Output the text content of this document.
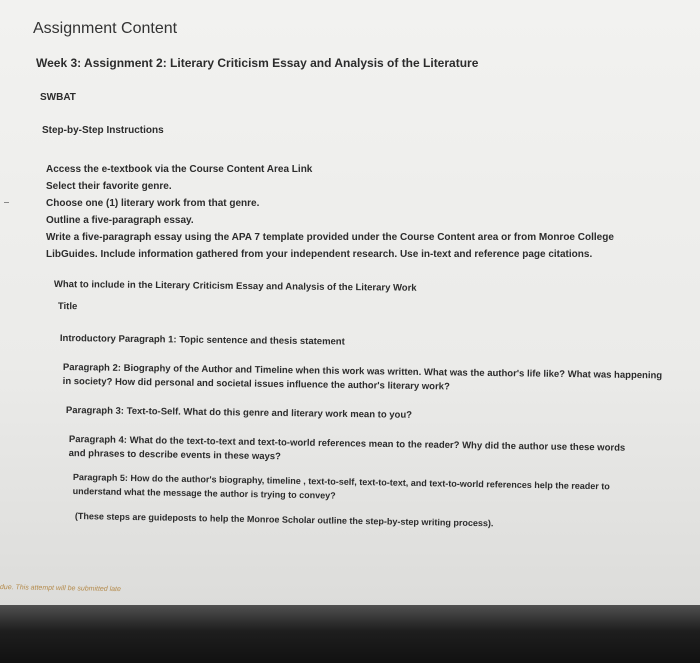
Assignment Content
Week 3: Assignment 2: Literary Criticism Essay and Analysis of the Literature
SWBAT
Step-by-Step Instructions
Access the e-textbook via the Course Content Area Link
Select their favorite genre.
Choose one (1) literary work from that genre.
Outline a five-paragraph essay.
Write a five-paragraph essay using the APA 7 template provided under the Course Content area or from Monroe College LibGuides. Include information gathered from your independent research. Use in-text and reference page citations.
What to include in the Literary Criticism Essay and Analysis of the Literary Work
Title
Introductory Paragraph 1: Topic sentence and thesis statement
Paragraph 2: Biography of the Author and Timeline when this work was written. What was the author's life like? What was happening in society? How did personal and societal issues influence the author's literary work?
Paragraph 3: Text-to-Self. What do this genre and literary work mean to you?
Paragraph 4: What do the text-to-text and text-to-world references mean to the reader? Why did the author use these words and phrases to describe events in these ways?
Paragraph 5: How do the author's biography, timeline , text-to-self, text-to-text, and text-to-world references help the reader to understand what the message the author is trying to convey?
(These steps are guideposts to help the Monroe Scholar outline the step-by-step writing process).
due. This attempt will be submitted late
